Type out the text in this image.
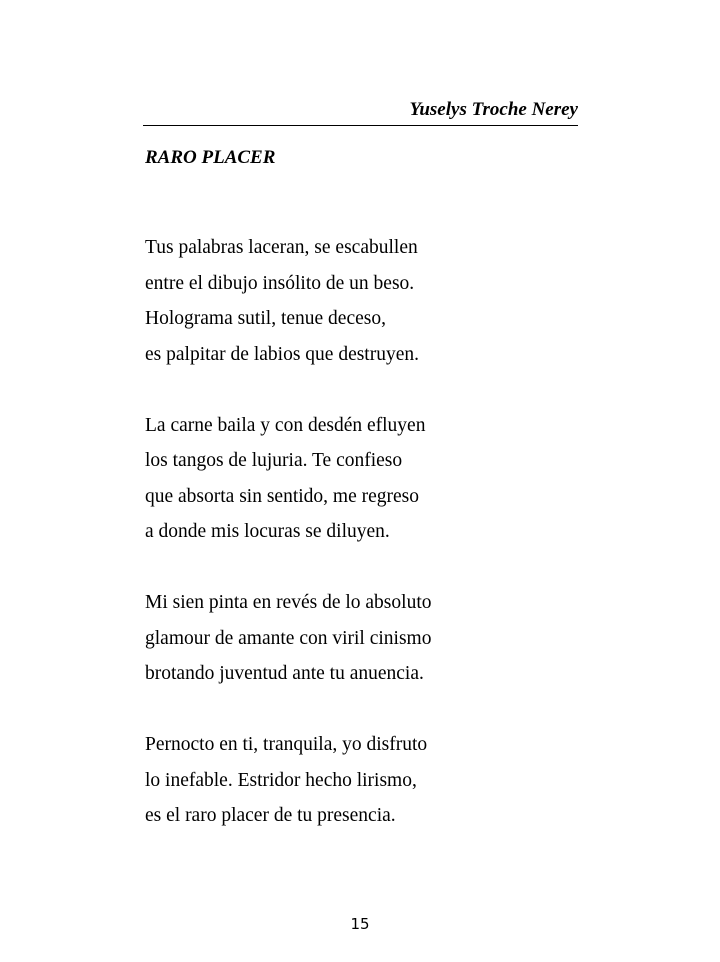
Yuselys Troche Nerey
RARO PLACER
Tus palabras laceran, se escabullen
entre el dibujo insólito de un beso.
Holograma sutil, tenue deceso,
es palpitar de labios que destruyen.
La carne baila y con desdén efluyen
los tangos de lujuria. Te confieso
que absorta sin sentido, me regreso
a donde mis locuras se diluyen.
Mi sien pinta en revés de lo absoluto
glamour de amante con viril cinismo
brotando juventud ante tu anuencia.
Pernocto en ti, tranquila, yo disfruto
lo inefable. Estridor hecho lirismo,
es el raro placer de tu presencia.
15
